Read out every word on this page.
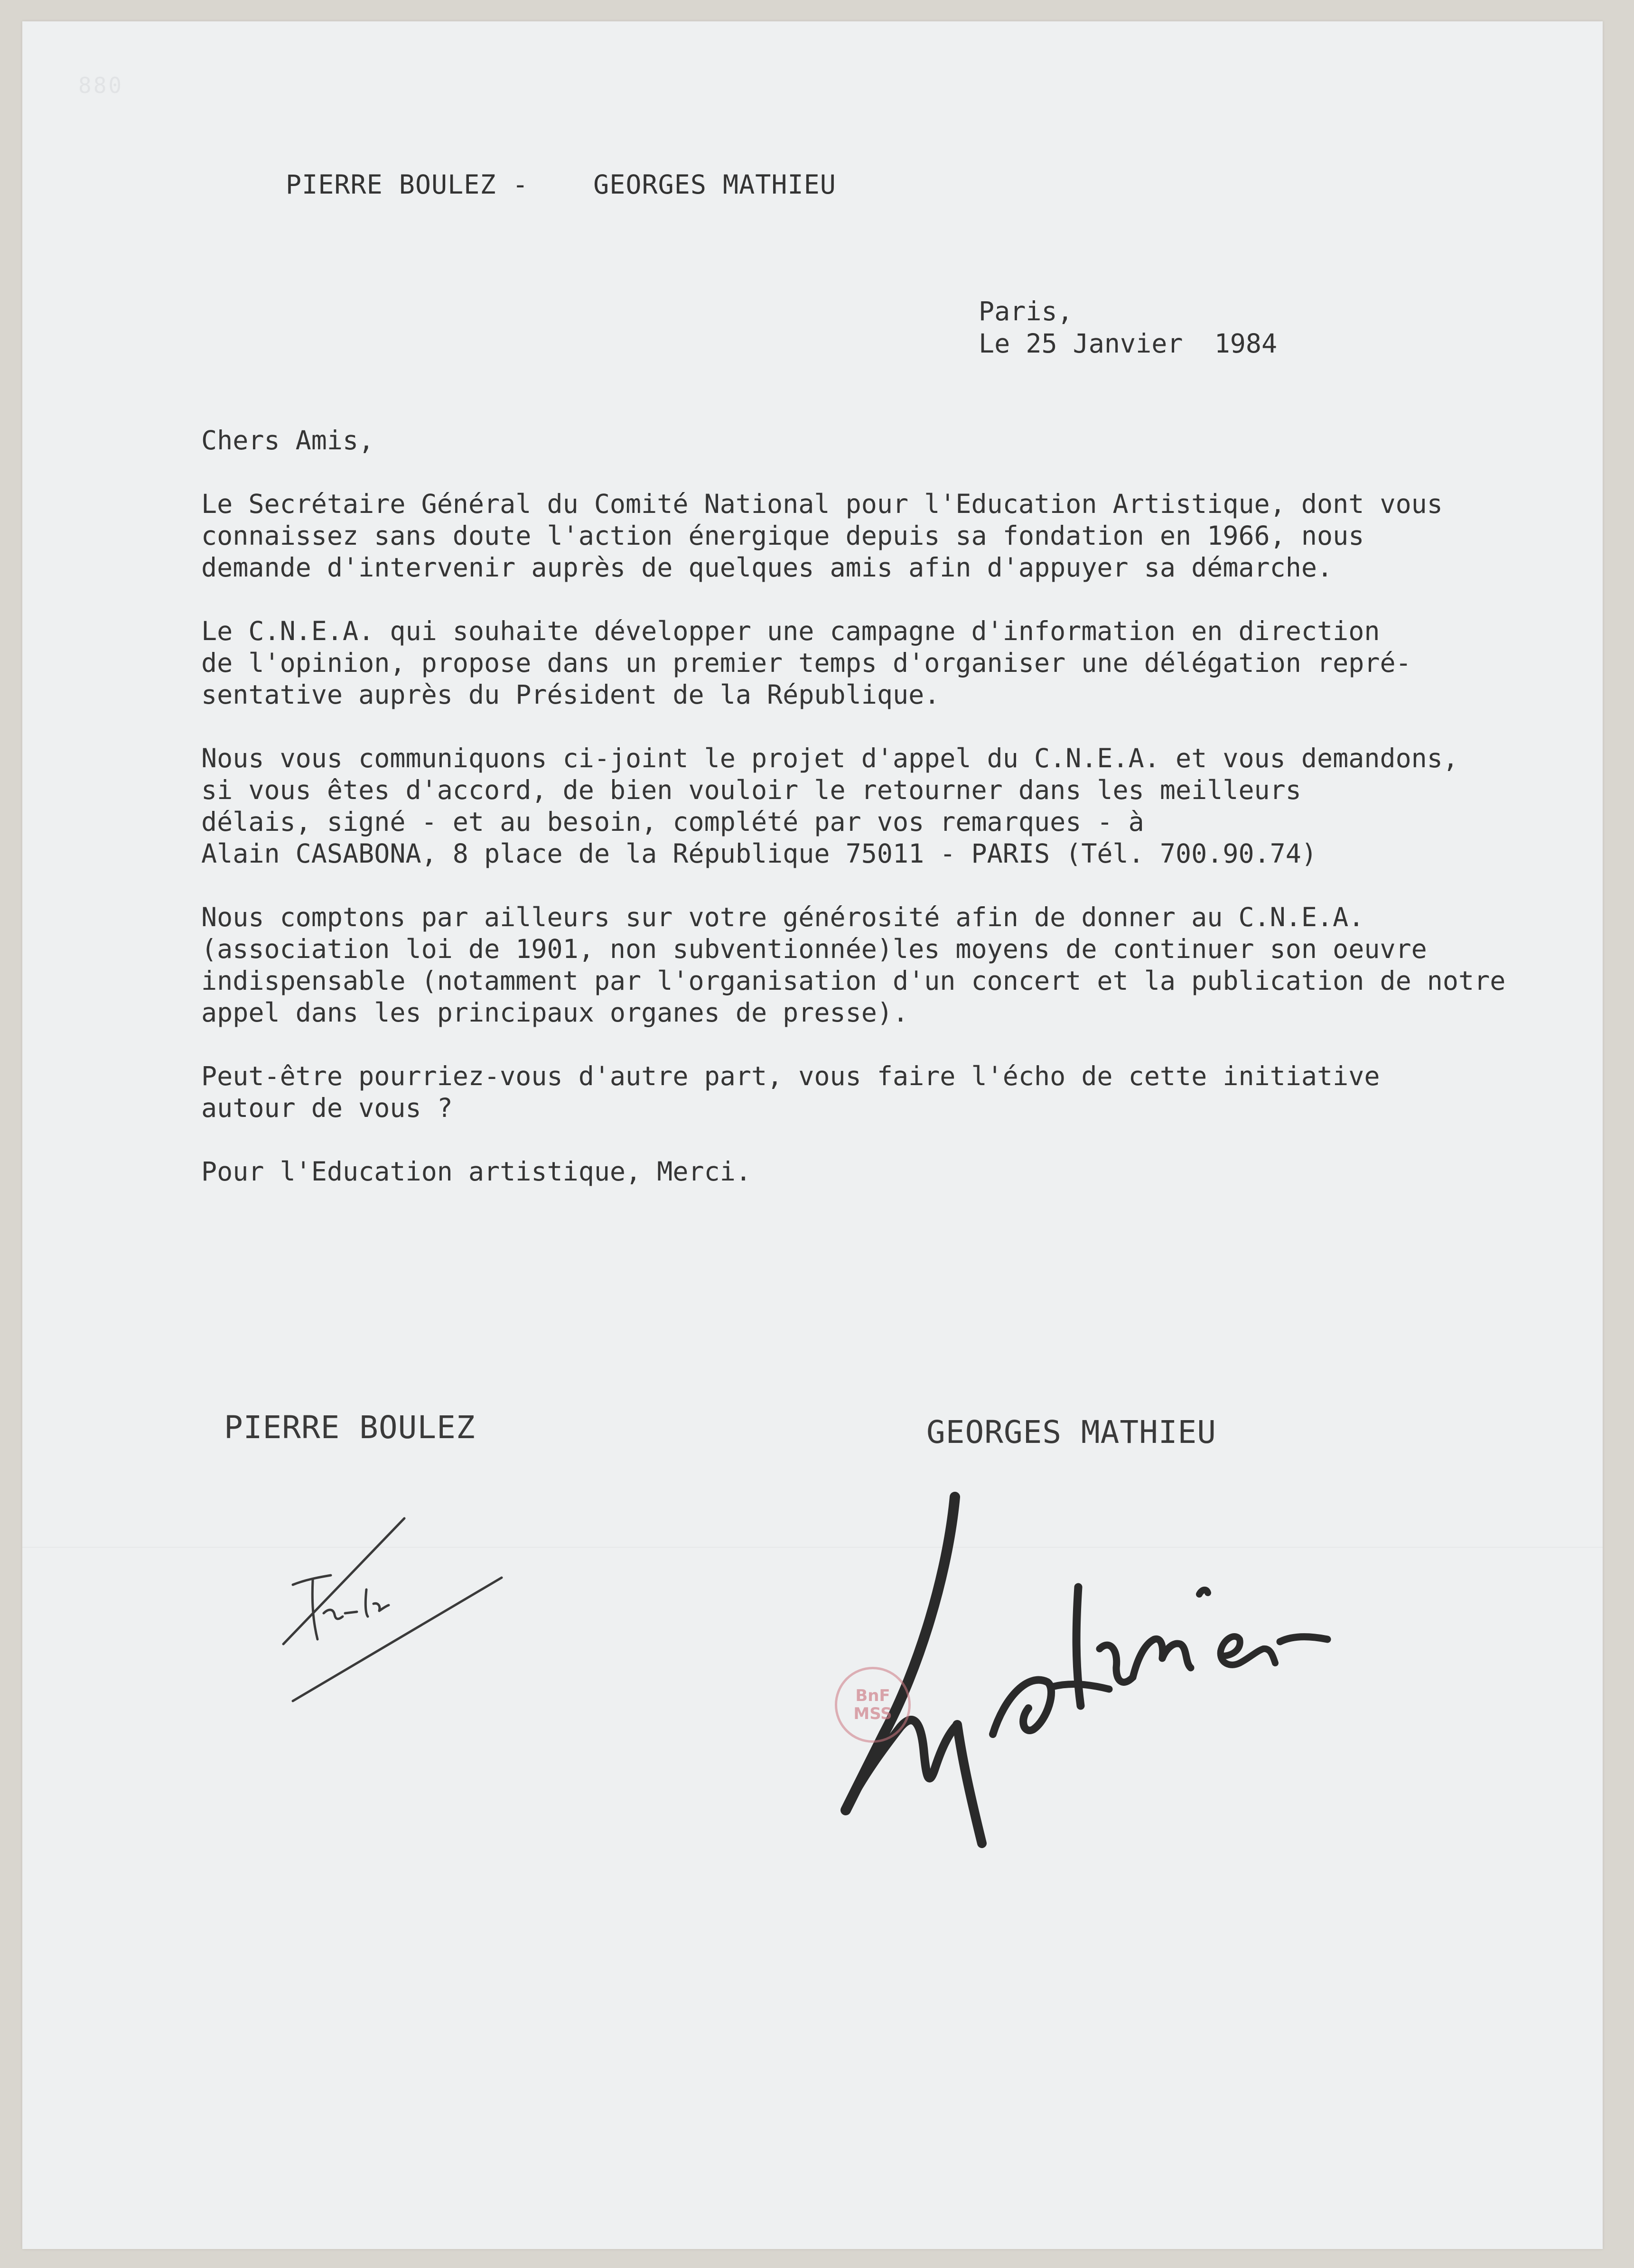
880
PIERRE BOULEZ - GEORGES MATHIEU
Paris,
Le 25 Janvier  1984

Chers Amis,

Le Secrétaire Général du Comité National pour l'Education Artistique, dont vous
connaissez sans doute l'action énergique depuis sa fondation en 1966, nous
demande d'intervenir auprès de quelques amis afin d'appuyer sa démarche.

Le C.N.E.A. qui souhaite développer une campagne d'information en direction
de l'opinion, propose dans un premier temps d'organiser une délégation repré-
sentative auprès du Président de la République.

Nous vous communiquons ci-joint le projet d'appel du C.N.E.A. et vous demandons,
si vous êtes d'accord, de bien vouloir le retourner dans les meilleurs
délais, signé - et au besoin, complété par vos remarques - à
Alain CASABONA, 8 place de la République 75011 - PARIS (Tél. 700.90.74)

Nous comptons par ailleurs sur votre générosité afin de donner au C.N.E.A.
(association loi de 1901, non subventionnée)les moyens de continuer son oeuvre
indispensable (notamment par l'organisation d'un concert et la publication de notre
appel dans les principaux organes de presse).

Peut-être pourriez-vous d'autre part, vous faire l'écho de cette initiative
autour de vous ?

Pour l'Education artistique, Merci.

PIERRE BOULEZ	GEORGES MATHIEU
BnF
MSS
